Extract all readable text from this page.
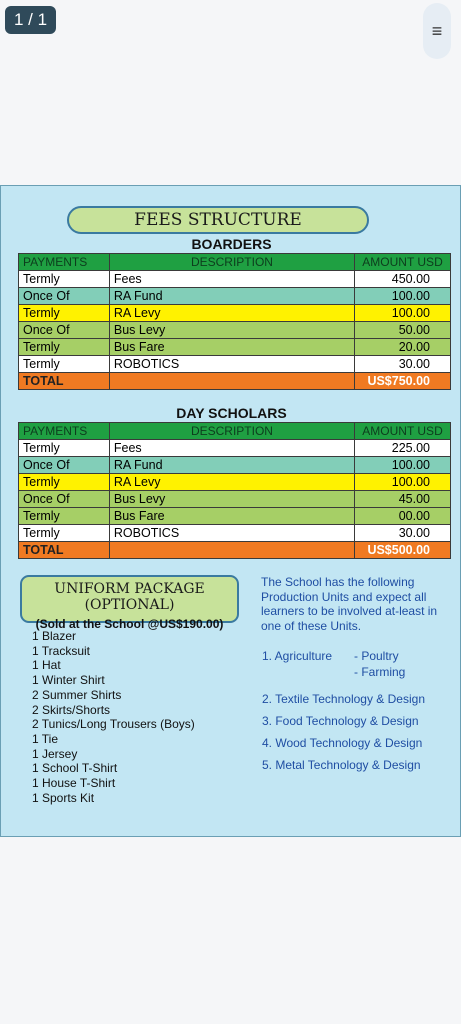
1 / 1
≡
FEES STRUCTURE
BOARDERS
PAYMENTS	DESCRIPTION	AMOUNT USD
Termly	Fees	450.00
Once Of	RA Fund	100.00
Termly	RA Levy	100.00
Once Of	Bus Levy	50.00
Termly	Bus Fare	20.00
Termly	ROBOTICS	30.00
TOTAL		US$750.00
DAY SCHOLARS
PAYMENTS	DESCRIPTION	AMOUNT USD
Termly	Fees	225.00
Once Of	RA Fund	100.00
Termly	RA Levy	100.00
Once Of	Bus Levy	45.00
Termly	Bus Fare	00.00
Termly	ROBOTICS	30.00
TOTAL		US$500.00
UNIFORM PACKAGE (OPTIONAL)
(Sold at the School @US$190.00)
1 Blazer
1 Tracksuit
1 Hat
1 Winter Shirt
2 Summer Shirts
2 Skirts/Shorts
2 Tunics/Long Trousers (Boys)
1 Tie
1 Jersey
1 School T-Shirt
1 House T-Shirt
1 Sports Kit
The School has the following Production Units and expect all learners to be involved at-least in one of these Units.
1. Agriculture - Poultry
- Farming
2. Textile Technology & Design
3. Food Technology & Design
4. Wood Technology & Design
5. Metal Technology & Design
